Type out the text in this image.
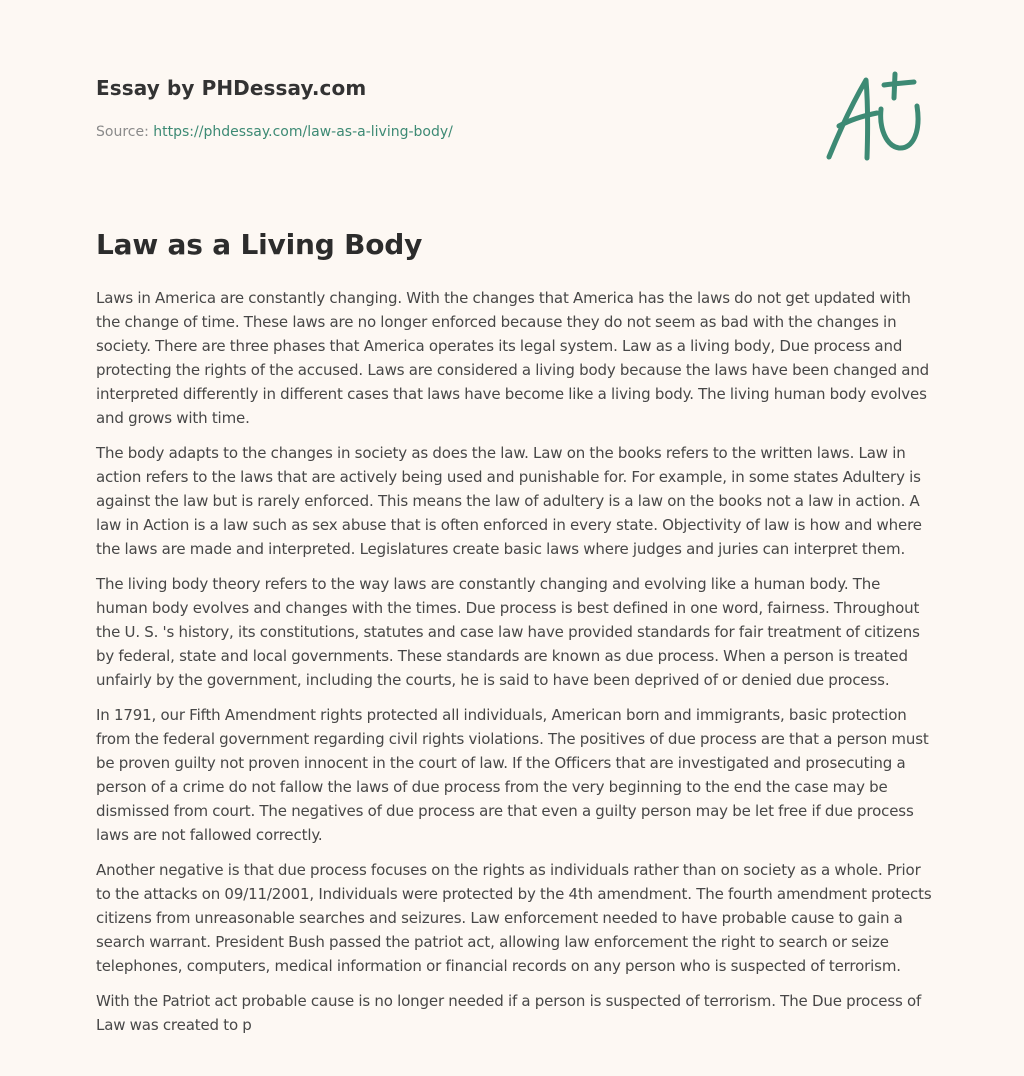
Essay by PHDessay.com
Source: https://phdessay.com/law-as-a-living-body/
Law as a Living Body

Laws in America are constantly changing. With the changes that America has the laws do not get updated with the change of time. These laws are no longer enforced because they do not seem as bad with the changes in society. There are three phases that America operates its legal system. Law as a living body, Due process and protecting the rights of the accused. Laws are considered a living body because the laws have been changed and interpreted differently in different cases that laws have become like a living body. The living human body evolves and grows with time.

The body adapts to the changes in society as does the law. Law on the books refers to the written laws. Law in action refers to the laws that are actively being used and punishable for. For example, in some states Adultery is against the law but is rarely enforced. This means the law of adultery is a law on the books not a law in action. A law in Action is a law such as sex abuse that is often enforced in every state. Objectivity of law is how and where the laws are made and interpreted. Legislatures create basic laws where judges and juries can interpret them.

The living body theory refers to the way laws are constantly changing and evolving like a human body. The human body evolves and changes with the times. Due process is best defined in one word, fairness. Throughout the U. S. 's history, its constitutions, statutes and case law have provided standards for fair treatment of citizens by federal, state and local governments. These standards are known as due process. When a person is treated unfairly by the government, including the courts, he is said to have been deprived of or denied due process.

In 1791, our Fifth Amendment rights protected all individuals, American born and immigrants, basic protection from the federal government regarding civil rights violations. The positives of due process are that a person must be proven guilty not proven innocent in the court of law. If the Officers that are investigated and prosecuting a person of a crime do not fallow the laws of due process from the very beginning to the end the case may be dismissed from court. The negatives of due process are that even a guilty person may be let free if due process laws are not fallowed correctly.

Another negative is that due process focuses on the rights as individuals rather than on society as a whole. Prior to the attacks on 09/11/2001, Individuals were protected by the 4th amendment. The fourth amendment protects citizens from unreasonable searches and seizures. Law enforcement needed to have probable cause to gain a search warrant. President Bush passed the patriot act, allowing law enforcement the right to search or seize telephones, computers, medical information or financial records on any person who is suspected of terrorism.

With the Patriot act probable cause is no longer needed if a person is suspected of terrorism. The Due process of Law was created to p
